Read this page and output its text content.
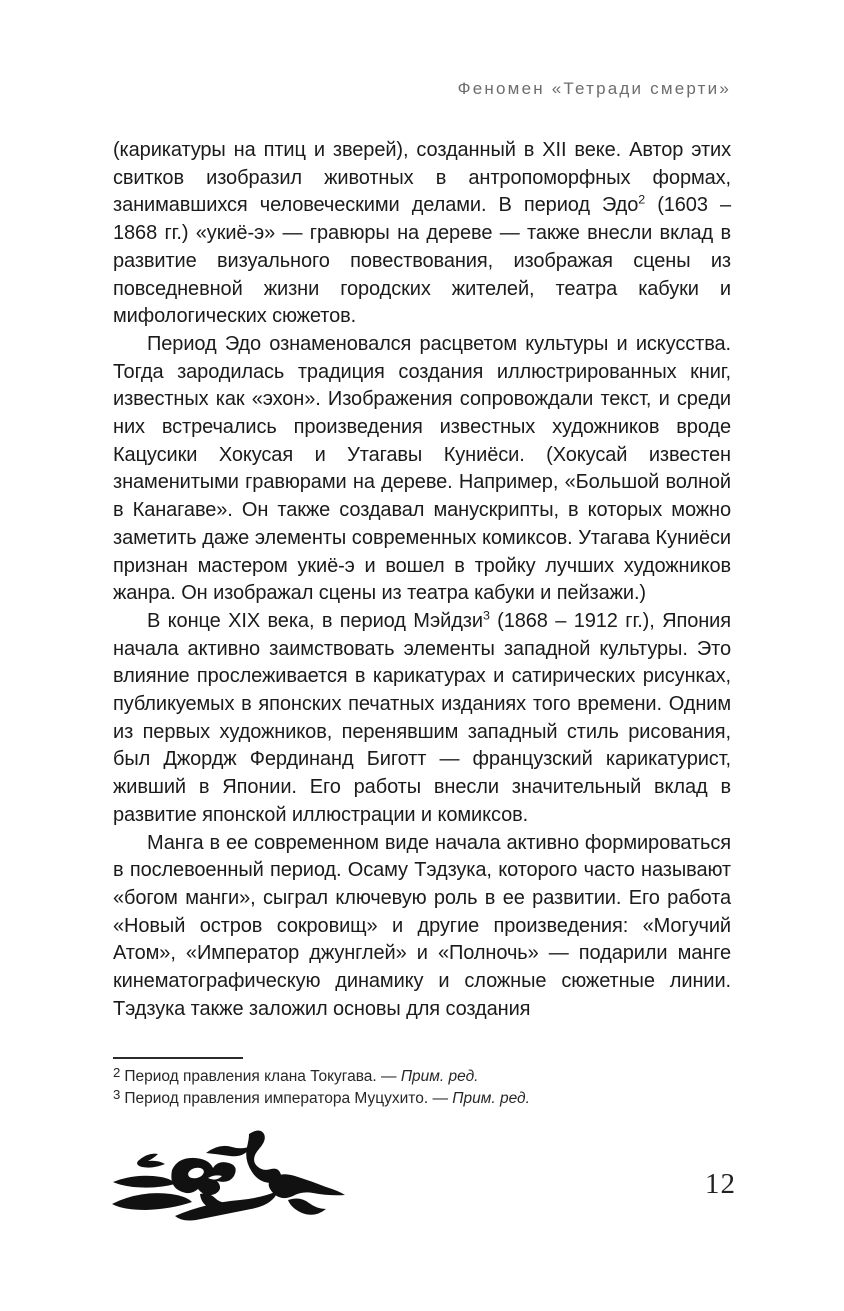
Феномен «Тетради смерти»

(карикатуры на птиц и зверей), созданный в XII веке. Автор этих свитков изобразил животных в антропоморфных формах, занимавшихся человеческими делами. В период Эдо$^2$ (1603 – 1868 гг.) «укиё-э» — гравюры на дереве — также внесли вклад в развитие визуального повествования, изображая сцены из повседневной жизни городских жителей, театра кабуки и мифологических сюжетов.

Период Эдо ознаменовался расцветом культуры и искусства. Тогда зародилась традиция создания иллюстрированных книг, известных как «эхон». Изображения сопровождали текст, и среди них встречались произведения известных художников вроде Кацусики Хокусая и Утагавы Куниёси. (Хокусай известен знаменитыми гравюрами на дереве. Например, «Большой волной в Канагаве». Он также создавал манускрипты, в которых можно заметить даже элементы современных комиксов. Утагава Куниёси признан мастером укиё-э и вошел в тройку лучших художников жанра. Он изображал сцены из театра кабуки и пейзажи.)

В конце XIX века, в период Мэйдзи$^3$ (1868 – 1912 гг.), Япония начала активно заимствовать элементы западной культуры. Это влияние прослеживается в карикатурах и сатирических рисунках, публикуемых в японских печатных изданиях того времени. Одним из первых художников, перенявшим западный стиль рисования, был Джордж Фердинанд Биготт — французский карикатурист, живший в Японии. Его работы внесли значительный вклад в развитие японской иллюстрации и комиксов.

Манга в ее современном виде начала активно формироваться в послевоенный период. Осаму Тэдзука, которого часто называют «богом манги», сыграл ключевую роль в ее развитии. Его работа «Новый остров сокровищ» и другие произведения: «Могучий Атом», «Император джунглей» и «Полночь» — подарили манге кинематографическую динамику и сложные сюжетные линии. Тэдзука также заложил основы для создания

2 Период правления клана Токугава. — Прим. ред.

3 Период правления императора Муцухито. — Прим. ред.

12
